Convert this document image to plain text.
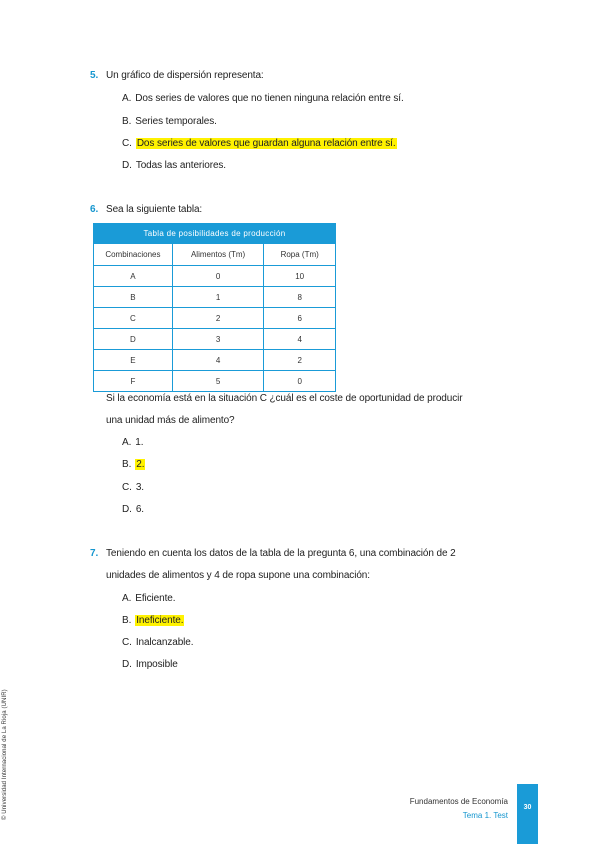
5. Un gráfico de dispersión representa:
A. Dos series de valores que no tienen ninguna relación entre sí.
B. Series temporales.
C. Dos series de valores que guardan alguna relación entre sí.
D. Todas las anteriores.
6. Sea la siguiente tabla:
Tabla de posibilidades de producción
Combinaciones	Alimentos (Tm)	Ropa (Tm)
A	0	10
B	1	8
C	2	6
D	3	4
E	4	2
F	5	0
Si la economía está en la situación C ¿cuál es el coste de oportunidad de producir
una unidad más de alimento?
A. 1.
B. 2.
C. 3.
D. 6.
7. Teniendo en cuenta los datos de la tabla de la pregunta 6, una combinación de 2
unidades de alimentos y 4 de ropa supone una combinación:
A. Eficiente.
B. Ineficiente.
C. Inalcanzable.
D. Imposible
© Universidad Internacional de La Rioja (UNIR)	Fundamentos de Economía
Tema 1. Test
30
